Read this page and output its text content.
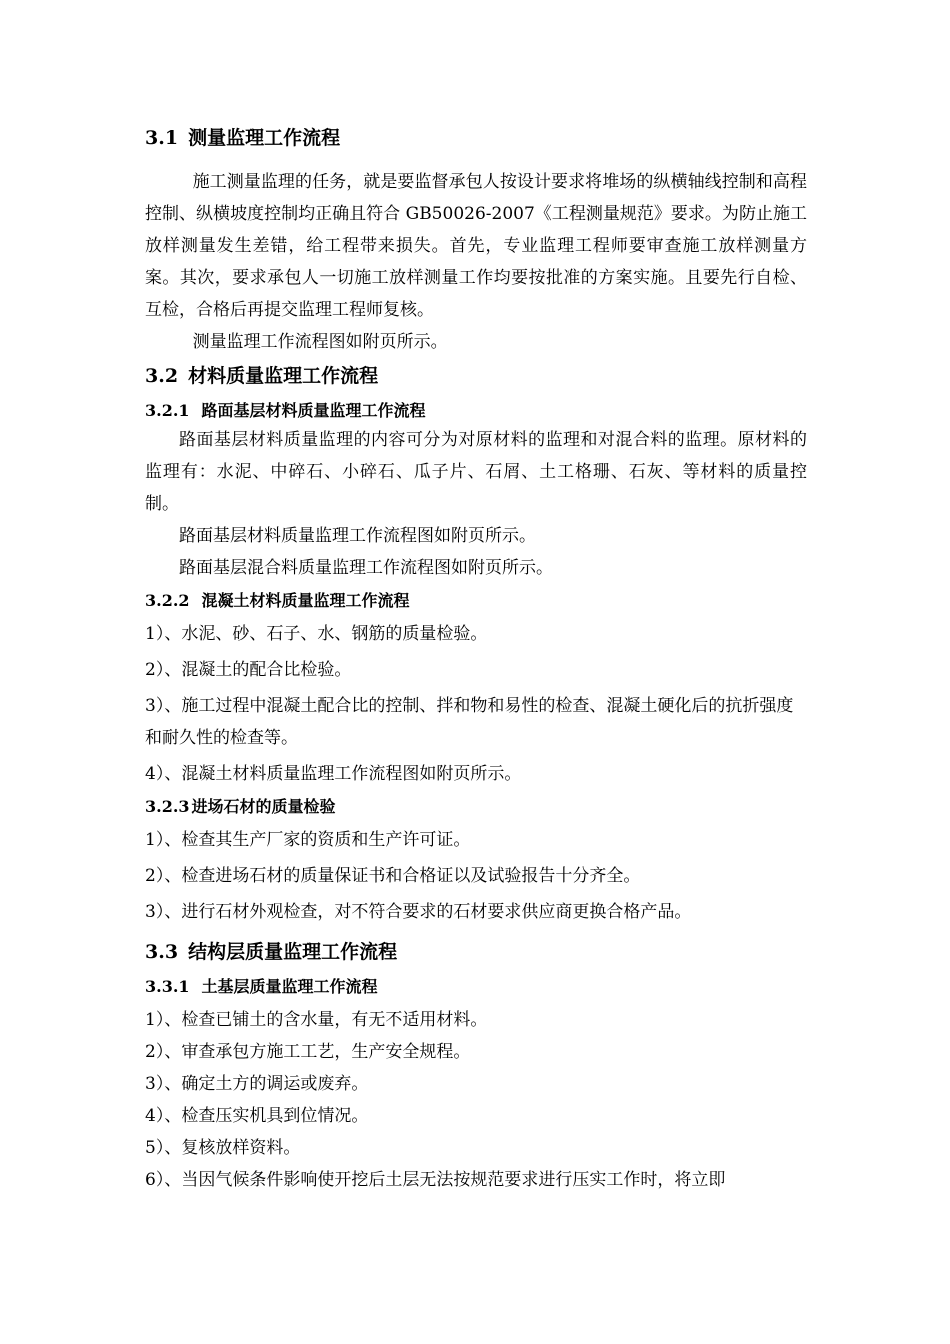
3.1 测量监理工作流程

施工测量监理的任务，就是要监督承包人按设计要求将堆场的纵横轴线控制和高程控制、纵横坡度控制均正确且符合 GB50026-2007《工程测量规范》要求。为防止施工放样测量发生差错，给工程带来损失。首先，专业监理工程师要审查施工放样测量方案。其次，要求承包人一切施工放样测量工作均要按批准的方案实施。且要先行自检、互检，合格后再提交监理工程师复核。

测量监理工作流程图如附页所示。

3.2 材料质量监理工作流程
3.2.1 路面基层材料质量监理工作流程

路面基层材料质量监理的内容可分为对原材料的监理和对混合料的监理。原材料的监理有：水泥、中碎石、小碎石、瓜子片、石屑、土工格珊、石灰、等材料的质量控制。

路面基层材料质量监理工作流程图如附页所示。

路面基层混合料质量监理工作流程图如附页所示。

3.2.2 混凝土材料质量监理工作流程

1）、水泥、砂、石子、水、钢筋的质量检验。

2）、混凝土的配合比检验。

3）、施工过程中混凝土配合比的控制、拌和物和易性的检查、混凝土硬化后的抗折强度和耐久性的检查等。

4）、混凝土材料质量监理工作流程图如附页所示。

3.2.3 进场石材的质量检验

1）、检查其生产厂家的资质和生产许可证。

2）、检查进场石材的质量保证书和合格证以及试验报告十分齐全。

3）、进行石材外观检查，对不符合要求的石材要求供应商更换合格产品。

3.3 结构层质量监理工作流程
3.3.1 土基层质量监理工作流程

1）、检查已铺土的含水量，有无不适用材料。

2）、审查承包方施工工艺，生产安全规程。

3）、确定土方的调运或废弃。

4）、检查压实机具到位情况。

5）、复核放样资料。

6）、当因气候条件影响使开挖后土层无法按规范要求进行压实工作时，将立即
